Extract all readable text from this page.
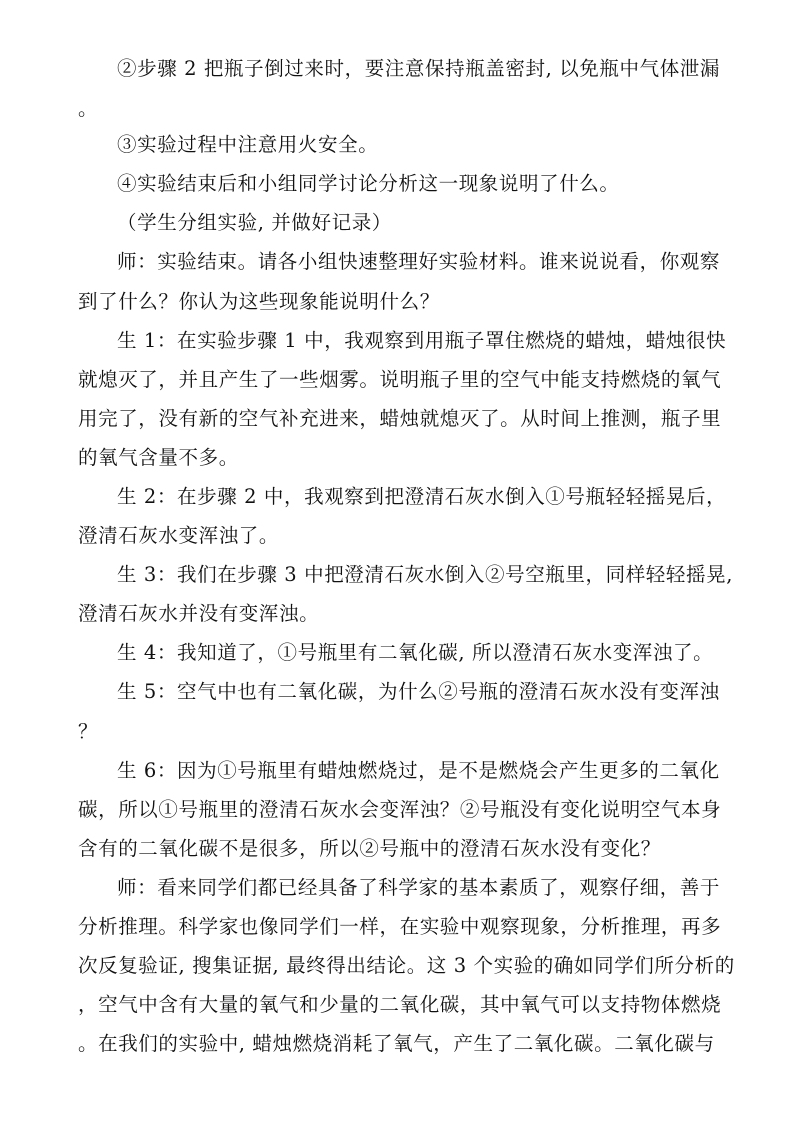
②步骤 2 把瓶子倒过来时，要注意保持瓶盖密封, 以免瓶中气体泄漏
。
③实验过程中注意用火安全。
④实验结束后和小组同学讨论分析这一现象说明了什么。
（学生分组实验, 并做好记录）
师：实验结束。请各小组快速整理好实验材料。谁来说说看，你观察
到了什么？你认为这些现象能说明什么？
生 1：在实验步骤 1 中，我观察到用瓶子罩住燃烧的蜡烛，蜡烛很快
就熄灭了，并且产生了一些烟雾。说明瓶子里的空气中能支持燃烧的氧气
用完了，没有新的空气补充进来，蜡烛就熄灭了。从时间上推测，瓶子里
的氧气含量不多。
生 2：在步骤 2 中，我观察到把澄清石灰水倒入①号瓶轻轻摇晃后，
澄清石灰水变浑浊了。
生 3：我们在步骤 3 中把澄清石灰水倒入②号空瓶里，同样轻轻摇晃,
澄清石灰水并没有变浑浊。
生 4：我知道了，①号瓶里有二氧化碳, 所以澄清石灰水变浑浊了。
生 5：空气中也有二氧化碳，为什么②号瓶的澄清石灰水没有变浑浊
？
生 6：因为①号瓶里有蜡烛燃烧过，是不是燃烧会产生更多的二氧化
碳，所以①号瓶里的澄清石灰水会变浑浊？②号瓶没有变化说明空气本身
含有的二氧化碳不是很多，所以②号瓶中的澄清石灰水没有变化？
师：看来同学们都已经具备了科学家的基本素质了，观察仔细，善于
分析推理。科学家也像同学们一样，在实验中观察现象，分析推理，再多
次反复验证, 搜集证据, 最终得出结论。这 3 个实验的确如同学们所分析的
，空气中含有大量的氧气和少量的二氧化碳，其中氧气可以支持物体燃烧
。在我们的实验中, 蜡烛燃烧消耗了氧气，产生了二氧化碳。二氧化碳与
